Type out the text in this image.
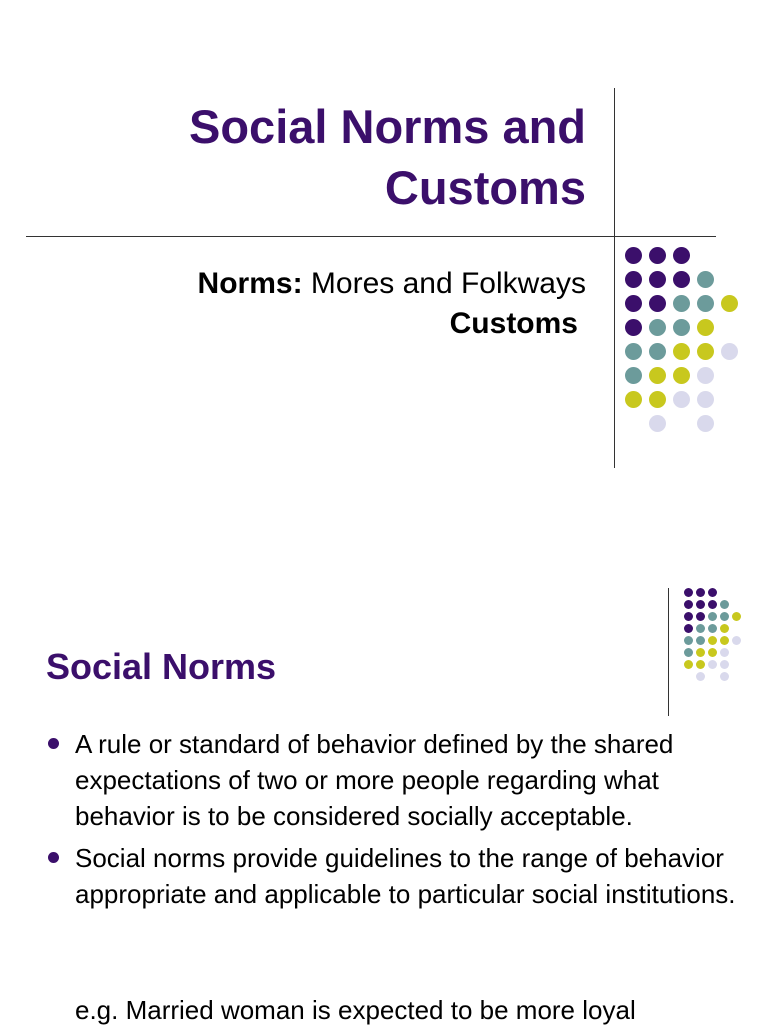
Social Norms and
Customs
Norms: Mores and Folkways
Customs
Social Norms
A rule or standard of behavior defined by the shared expectations of two or more people regarding what behavior is to be considered socially acceptable.
Social norms provide guidelines to the range of behavior appropriate and applicable to particular social institutions.
e.g. Married woman is expected to be more loyal
